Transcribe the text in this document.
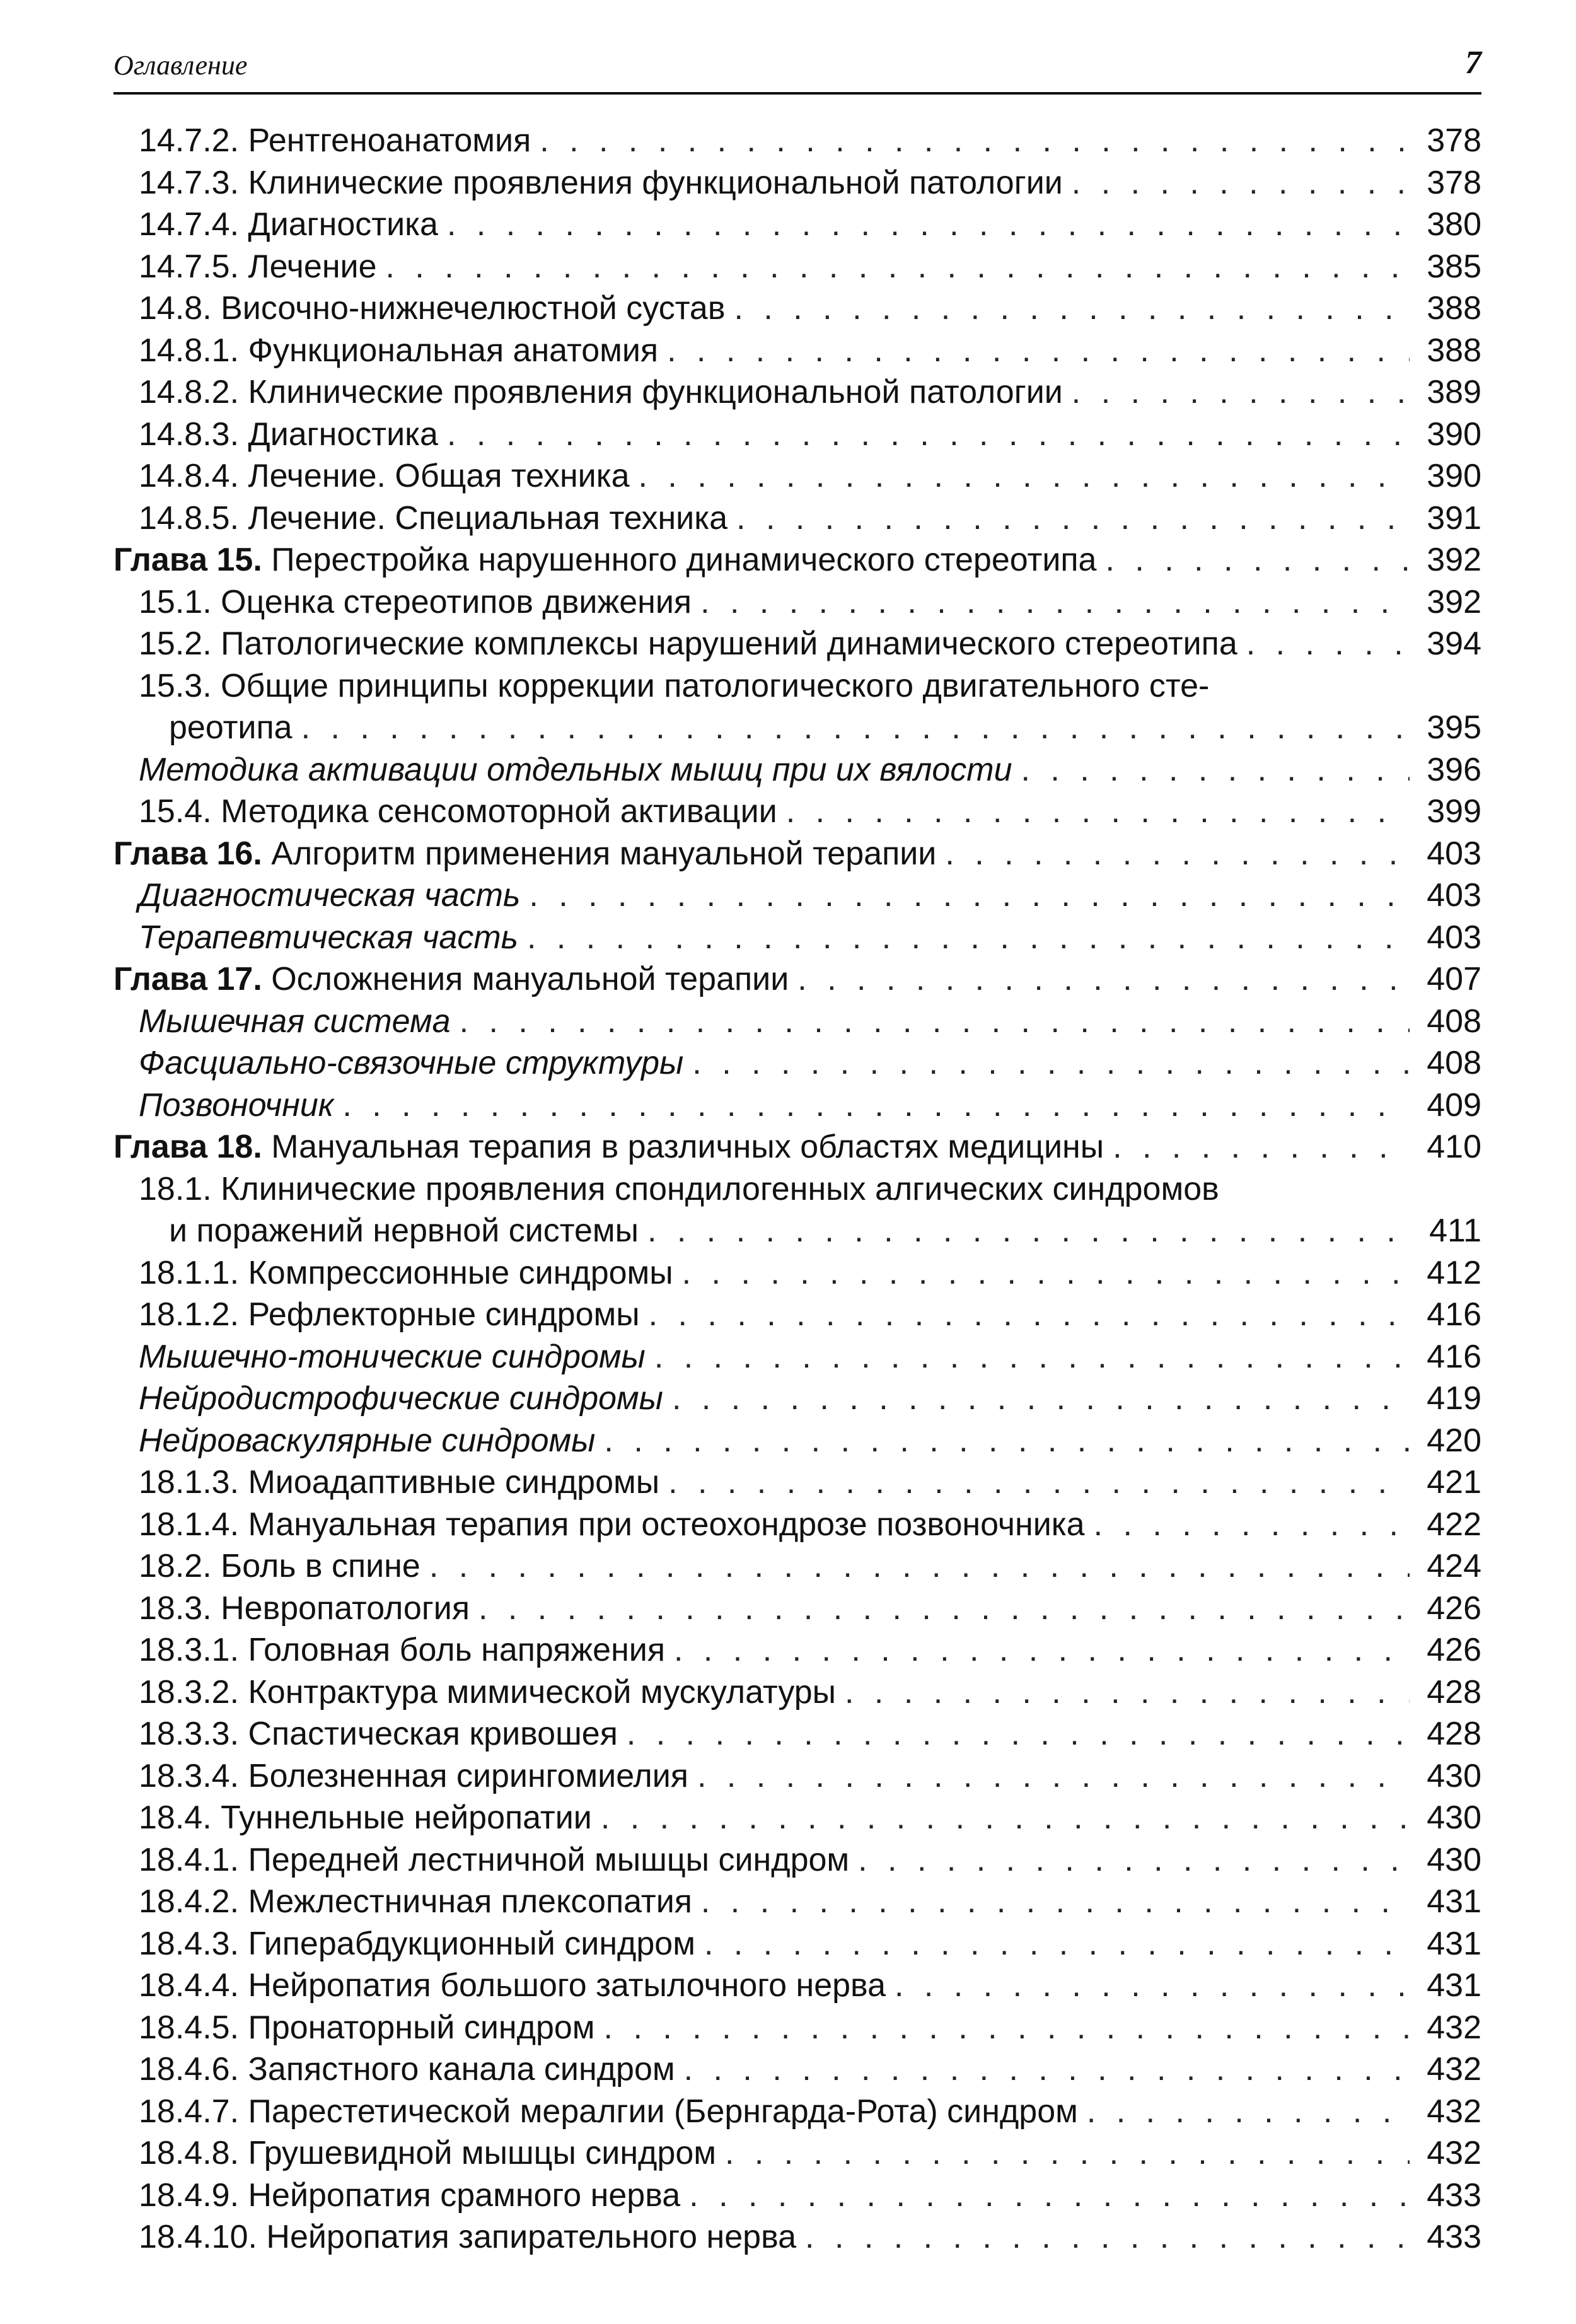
Оглавление	7
14.7.2. Рентгеноанатомия . . .	378
14.7.3. Клинические проявления функциональной патологии . . .	378
14.7.4. Диагностика . . .	380
14.7.5. Лечение . . .	385
14.8. Височно-нижнечелюстной сустав . . .	388
14.8.1. Функциональная анатомия . . .	388
14.8.2. Клинические проявления функциональной патологии . . .	389
14.8.3. Диагностика . . .	390
14.8.4. Лечение. Общая техника . . .	390
14.8.5. Лечение. Специальная техника . . .	391
Глава 15. Перестройка нарушенного динамического стереотипа . . .	392
15.1. Оценка стереотипов движения . . .	392
15.2. Патологические комплексы нарушений динамического стереотипа . . .	394
15.3. Общие принципы коррекции патологического двигательного сте-
реотипа . . .	395
Методика активации отдельных мышц при их вялости . . .	396
15.4. Методика сенсомоторной активации . . .	399
Глава 16. Алгоритм применения мануальной терапии . . .	403
Диагностическая часть . . .	403
Терапевтическая часть . . .	403
Глава 17. Осложнения мануальной терапии . . .	407
Мышечная система . . .	408
Фасциально-связочные структуры . . .	408
Позвоночник . . .	409
Глава 18. Мануальная терапия в различных областях медицины . . .	410
18.1. Клинические проявления спондилогенных алгических синдромов
и поражений нервной системы . . .	411
18.1.1. Компрессионные синдромы . . .	412
18.1.2. Рефлекторные синдромы . . .	416
Мышечно-тонические синдромы . . .	416
Нейродистрофические синдромы . . .	419
Нейроваскулярные синдромы . . .	420
18.1.3. Миоадаптивные синдромы . . .	421
18.1.4. Мануальная терапия при остеохондрозе позвоночника . . .	422
18.2. Боль в спине . . .	424
18.3. Невропатология . . .	426
18.3.1. Головная боль напряжения . . .	426
18.3.2. Контрактура мимической мускулатуры . . .	428
18.3.3. Спастическая кривошея . . .	428
18.3.4. Болезненная сирингомиелия . . .	430
18.4. Туннельные нейропатии . . .	430
18.4.1. Передней лестничной мышцы синдром . . .	430
18.4.2. Межлестничная плексопатия . . .	431
18.4.3. Гиперабдукционный синдром . . .	431
18.4.4. Нейропатия большого затылочного нерва . . .	431
18.4.5. Пронаторный синдром . . .	432
18.4.6. Запястного канала синдром . . .	432
18.4.7. Парестетической мералгии (Бернгарда-Рота) синдром . . .	432
18.4.8. Грушевидной мышцы синдром . . .	432
18.4.9. Нейропатия срамного нерва . . .	433
18.4.10. Нейропатия запирательного нерва . . .	433
